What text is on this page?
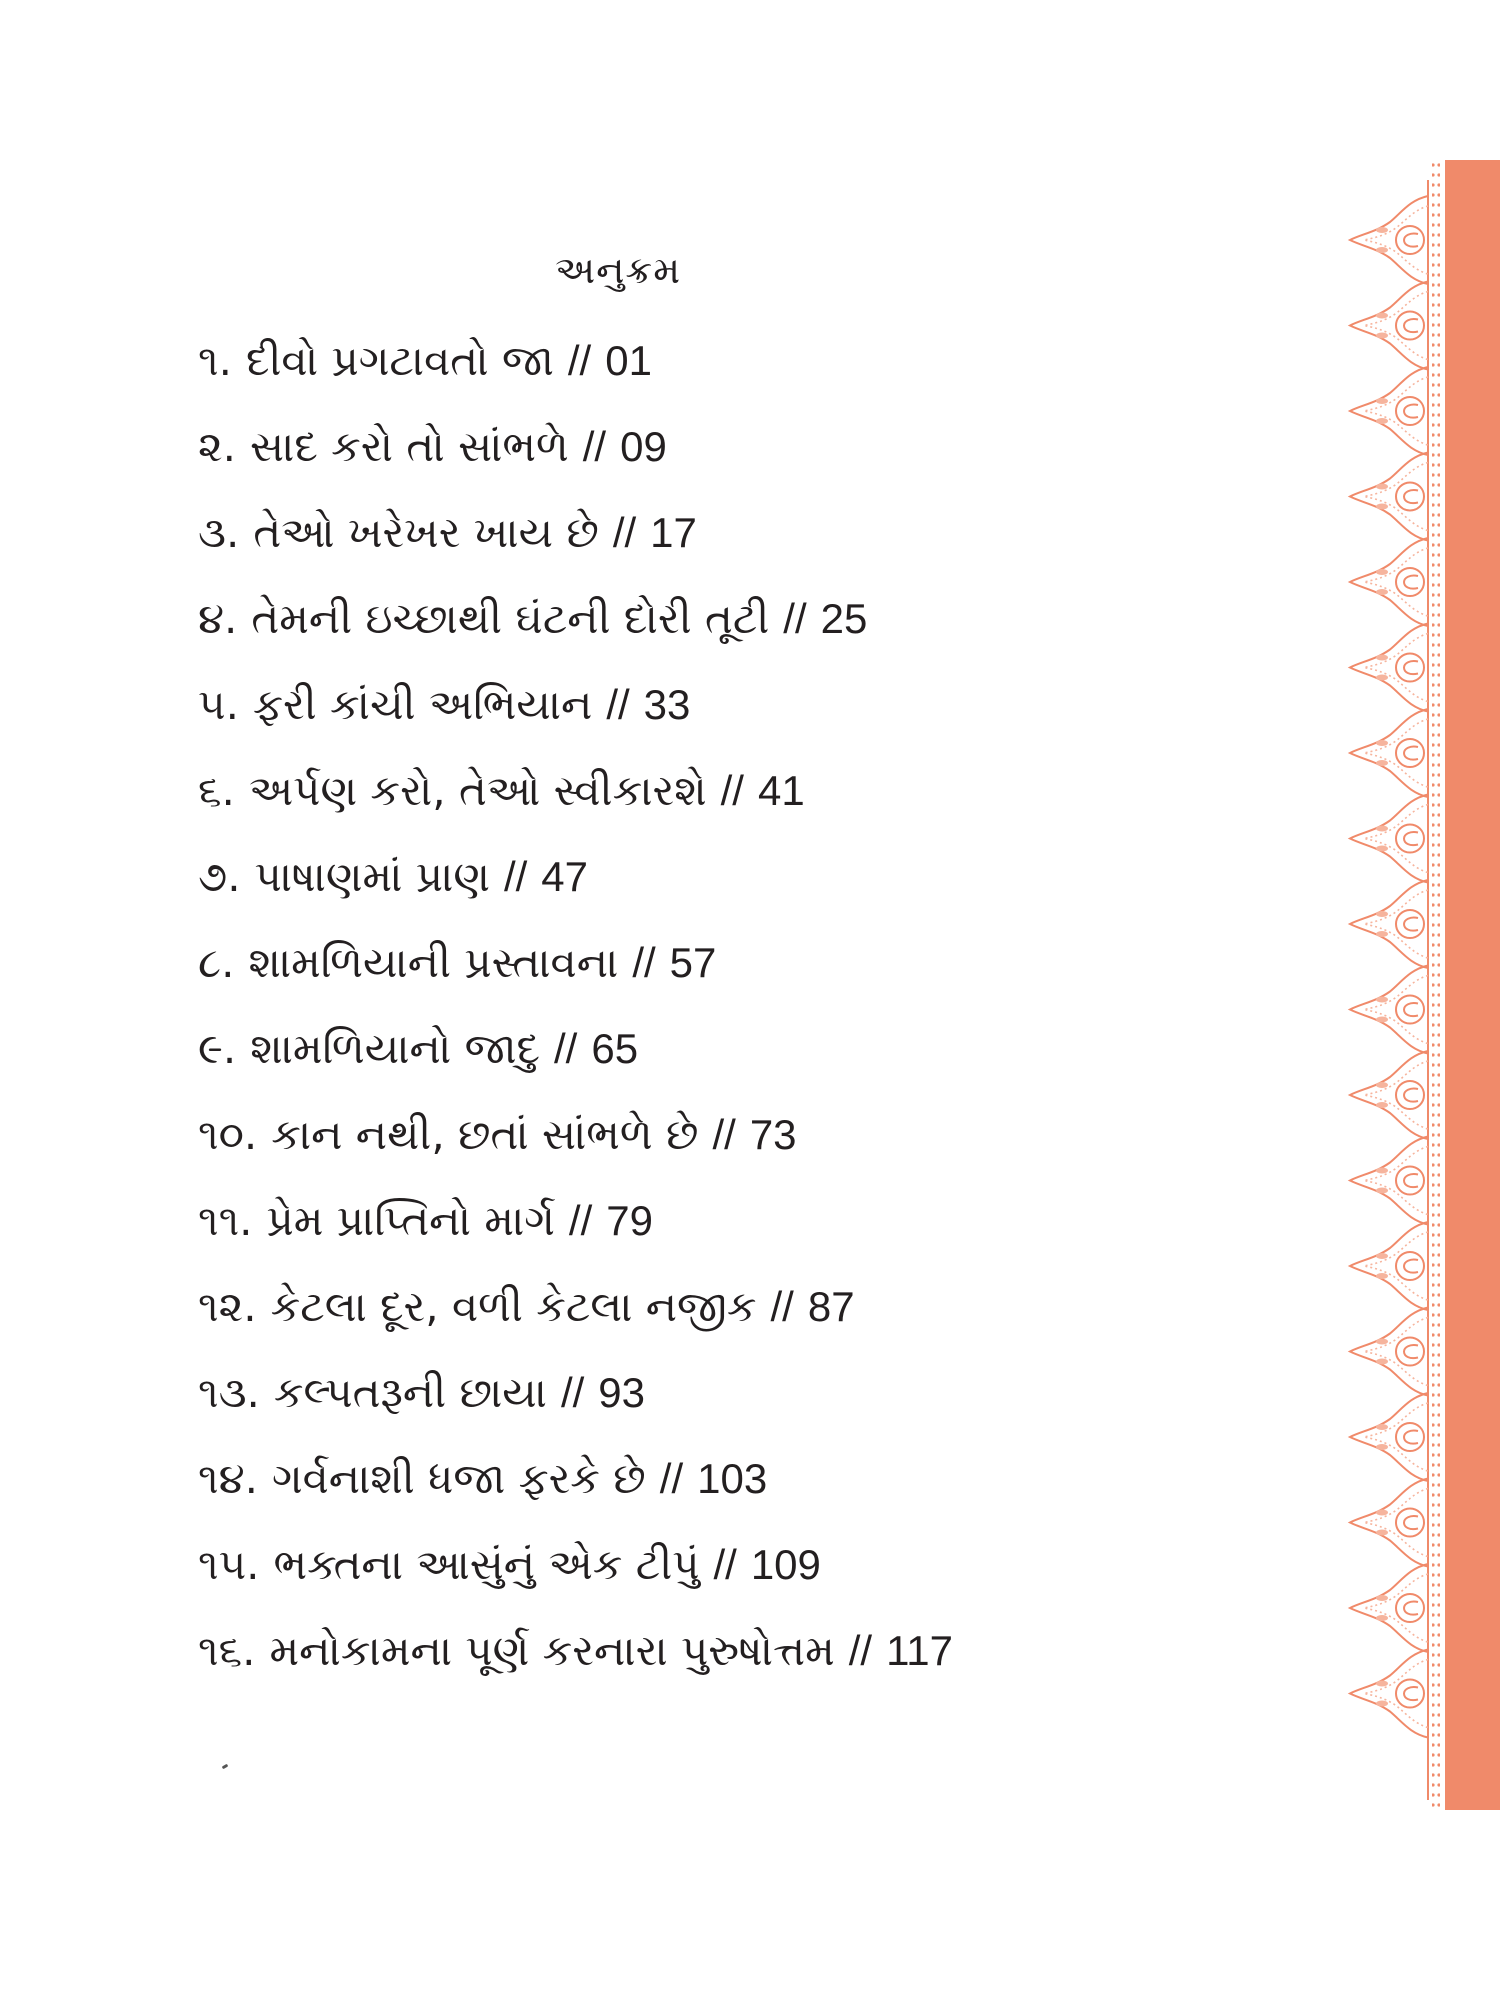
અનુક્રમ
૧. દીવો પ્રગટાવતો જા // 01
૨. સાદ કરો તો સાંભળે // 09
૩. તેઓ ખરેખર ખાય છે // 17
૪. તેમની ઇચ્છાથી ઘંટની દોરી તૂટી // 25
૫. ફરી કાંચી અભિયાન // 33
૬. અર્પણ કરો, તેઓ સ્વીકારશે // 41
૭. પાષાણમાં પ્રાણ // 47
૮. શામળિયાની પ્રસ્તાવના // 57
૯. શામળિયાનો જાદુ // 65
૧૦. કાન નથી, છતાં સાંભળે છે // 73
૧૧. પ્રેમ પ્રાપ્તિનો માર્ગ // 79
૧૨. કેટલા દૂર, વળી કેટલા નજીક // 87
૧૩. કલ્પતરૂની છાયા // 93
૧૪. ગર્વનાશી ધજા ફરકે છે // 103
૧૫. ભક્તના આસુંનું એક ટીપું // 109
૧૬. મનોકામના પૂર્ણ કરનારા પુરુષોત્તમ // 117
